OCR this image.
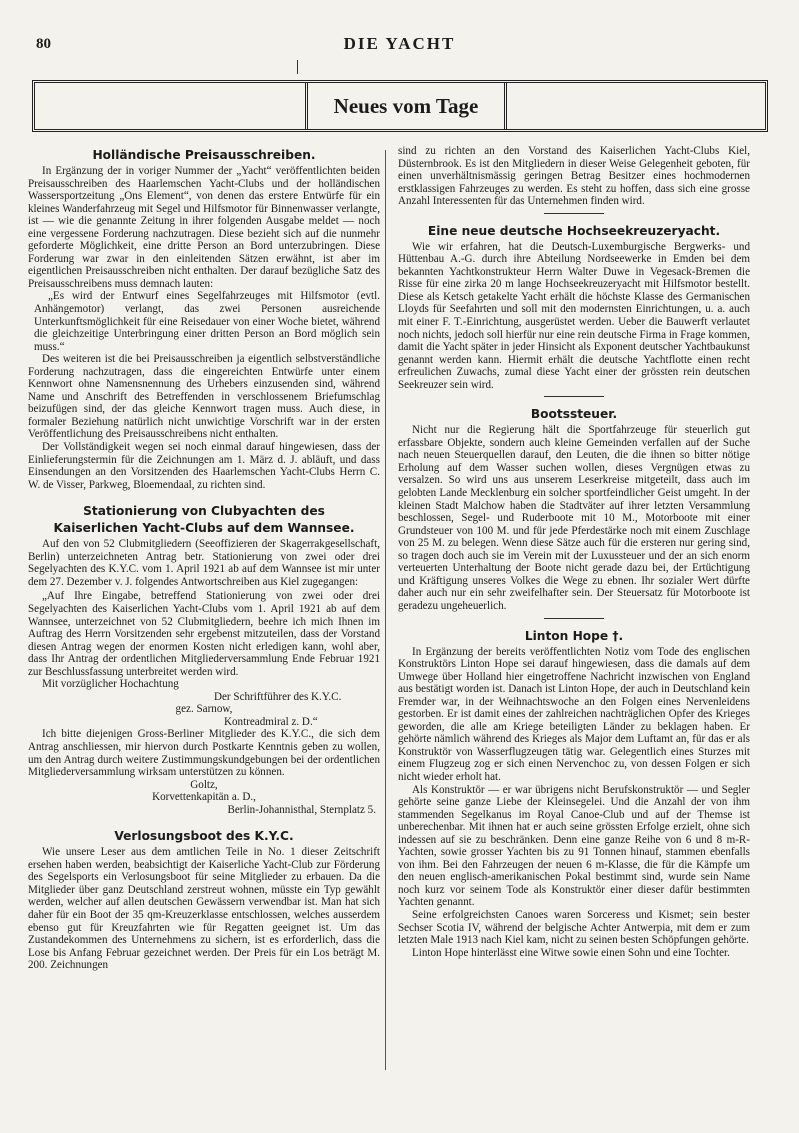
80	DIE YACHT
Neues vom Tage
Holländische Preisausschreiben.

In Ergänzung der in voriger Nummer der „Yacht“ veröffentlichten beiden Preisausschreiben des Haarlemschen Yacht-Clubs und der holländischen Wassersportzeitung „Ons Element“, von denen das erstere Entwürfe für ein kleines Wanderfahrzeug mit Segel und Hilfsmotor für Binnenwasser verlangte, ist — wie die genannte Zeitung in ihrer folgenden Ausgabe meldet — noch eine vergessene Forderung nachzutragen. Diese bezieht sich auf die nunmehr geforderte Möglichkeit, eine dritte Person an Bord unterzubringen. Diese Forderung war zwar in den einleitenden Sätzen erwähnt, ist aber im eigentlichen Preisausschreiben nicht enthalten. Der darauf bezügliche Satz des Preisausschreibens muss demnach lauten:

„Es wird der Entwurf eines Segelfahrzeuges mit Hilfsmotor (evtl. Anhängemotor) verlangt, das zwei Personen ausreichende Unterkunftsmöglichkeit für eine Reisedauer von einer Woche bietet, während die gleichzeitige Unterbringung einer dritten Person an Bord möglich sein muss.“

Des weiteren ist die bei Preisausschreiben ja eigentlich selbstverständliche Forderung nachzutragen, dass die eingereichten Entwürfe unter einem Kennwort ohne Namensnennung des Urhebers einzusenden sind, während Name und Anschrift des Betreffenden in verschlossenem Briefumschlag beizufügen sind, der das gleiche Kennwort tragen muss. Auch diese, in formaler Beziehung natürlich nicht unwichtige Vorschrift war in der ersten Veröffentlichung des Preisausschreibens nicht enthalten.

Der Vollständigkeit wegen sei noch einmal darauf hingewiesen, dass der Einlieferungstermin für die Zeichnungen am 1. März d. J. abläuft, und dass Einsendungen an den Vorsitzenden des Haarlemschen Yacht-Clubs Herrn C. W. de Visser, Parkweg, Bloemendaal, zu richten sind.

Stationierung von Clubyachten des
Kaiserlichen Yacht-Clubs auf dem Wannsee.

Auf den von 52 Clubmitgliedern (Seeoffizieren der Skagerrakgesellschaft, Berlin) unterzeichneten Antrag betr. Stationierung von zwei oder drei Segelyachten des K.Y.C. vom 1. April 1921 ab auf dem Wannsee ist mir unter dem 27. Dezember v. J. folgendes Antwortschreiben aus Kiel zugegangen:

„Auf Ihre Eingabe, betreffend Stationierung von zwei oder drei Segelyachten des Kaiserlichen Yacht-Clubs vom 1. April 1921 ab auf dem Wannsee, unterzeichnet von 52 Clubmitgliedern, beehre ich mich Ihnen im Auftrag des Herrn Vorsitzenden sehr ergebenst mitzuteilen, dass der Vorstand diesen Antrag wegen der enormen Kosten nicht erledigen kann, wohl aber, dass Ihr Antrag der ordentlichen Mitgliederversammlung Ende Februar 1921 zur Beschlussfassung unterbreitet werden wird.

Mit vorzüglicher Hochachtung

Der Schriftführer des K.Y.C.

gez. Sarnow,

Kontreadmiral z. D.“

Ich bitte diejenigen Gross-Berliner Mitglieder des K.Y.C., die sich dem Antrag anschliessen, mir hiervon durch Postkarte Kenntnis geben zu wollen, um den Antrag durch weitere Zustimmungskundgebungen bei der ordentlichen Mitgliederversammlung wirksam unterstützen zu können.

Goltz,

Korvettenkapitän a. D.,

Berlin-Johannisthal, Sternplatz 5.

Verlosungsboot des K.Y.C.

Wie unsere Leser aus dem amtlichen Teile in No. 1 dieser Zeitschrift ersehen haben werden, beabsichtigt der Kaiserliche Yacht-Club zur Förderung des Segelsports ein Verlosungsboot für seine Mitglieder zu erbauen. Da die Mitglieder über ganz Deutschland zerstreut wohnen, müsste ein Typ gewählt werden, welcher auf allen deutschen Gewässern verwendbar ist. Man hat sich daher für ein Boot der 35 qm-Kreuzerklasse entschlossen, welches ausserdem ebenso gut für Kreuzfahrten wie für Regatten geeignet ist. Um das Zustandekommen des Unternehmens zu sichern, ist es erforderlich, dass die Lose bis Anfang Februar gezeichnet werden. Der Preis für ein Los beträgt M. 200. Zeichnungen

sind zu richten an den Vorstand des Kaiserlichen Yacht-Clubs Kiel, Düsternbrook. Es ist den Mitgliedern in dieser Weise Gelegenheit geboten, für einen unverhältnismässig geringen Betrag Besitzer eines hochmodernen erstklassigen Fahrzeuges zu werden. Es steht zu hoffen, dass sich eine grosse Anzahl Interessenten für das Unternehmen finden wird.

Eine neue deutsche Hochseekreuzeryacht.

Wie wir erfahren, hat die Deutsch-Luxemburgische Bergwerks- und Hüttenbau A.-G. durch ihre Abteilung Nordseewerke in Emden bei dem bekannten Yachtkonstrukteur Herrn Walter Duwe in Vegesack-Bremen die Risse für eine zirka 20 m lange Hochseekreuzeryacht mit Hilfsmotor bestellt. Diese als Ketsch getakelte Yacht erhält die höchste Klasse des Germanischen Lloyds für Seefahrten und soll mit den modernsten Einrichtungen, u. a. auch mit einer F. T.-Einrichtung, ausgerüstet werden. Ueber die Bauwerft verlautet noch nichts, jedoch soll hierfür nur eine rein deutsche Firma in Frage kommen, damit die Yacht später in jeder Hinsicht als Exponent deutscher Yachtbaukunst genannt werden kann. Hiermit erhält die deutsche Yachtflotte einen recht erfreulichen Zuwachs, zumal diese Yacht einer der grössten rein deutschen Seekreuzer sein wird.

Bootssteuer.

Nicht nur die Regierung hält die Sportfahrzeuge für steuerlich gut erfassbare Objekte, sondern auch kleine Gemeinden verfallen auf der Suche nach neuen Steuerquellen darauf, den Leuten, die die ihnen so bitter nötige Erholung auf dem Wasser suchen wollen, dieses Vergnügen etwas zu versalzen. So wird uns aus unserem Leserkreise mitgeteilt, dass auch im gelobten Lande Mecklenburg ein solcher sportfeindlicher Geist umgeht. In der kleinen Stadt Malchow haben die Stadtväter auf ihrer letzten Versammlung beschlossen, Segel- und Ruderboote mit 10 M., Motorboote mit einer Grundsteuer von 100 M. und für jede Pferdestärke noch mit einem Zuschlage von 25 M. zu belegen. Wenn diese Sätze auch für die ersteren nur gering sind, so tragen doch auch sie im Verein mit der Luxussteuer und der an sich enorm verteuerten Unterhaltung der Boote nicht gerade dazu bei, der Ertüchtigung und Kräftigung unseres Volkes die Wege zu ebnen. Ihr sozialer Wert dürfte daher auch nur ein sehr zweifelhafter sein. Der Steuersatz für Motorboote ist geradezu ungeheuerlich.

Linton Hope †.

In Ergänzung der bereits veröffentlichten Notiz vom Tode des englischen Konstruktörs Linton Hope sei darauf hingewiesen, dass die damals auf dem Umwege über Holland hier eingetroffene Nachricht inzwischen von England aus bestätigt worden ist. Danach ist Linton Hope, der auch in Deutschland kein Fremder war, in der Weihnachtswoche an den Folgen eines Nervenleidens gestorben. Er ist damit eines der zahlreichen nachträglichen Opfer des Krieges geworden, die alle am Kriege beteiligten Länder zu beklagen haben. Er gehörte nämlich während des Krieges als Major dem Luftamt an, für das er als Konstruktör von Wasserflugzeugen tätig war. Gelegentlich eines Sturzes mit einem Flugzeug zog er sich einen Nervenchoc zu, von dessen Folgen er sich nicht wieder erholt hat.

Als Konstruktör — er war übrigens nicht Berufskonstruktör — und Segler gehörte seine ganze Liebe der Kleinsegelei. Und die Anzahl der von ihm stammenden Segelkanus im Royal Canoe-Club und auf der Themse ist unberechenbar. Mit ihnen hat er auch seine grössten Erfolge erzielt, ohne sich indessen auf sie zu beschränken. Denn eine ganze Reihe von 6 und 8 m-R-Yachten, sowie grosser Yachten bis zu 91 Tonnen hinauf, stammen ebenfalls von ihm. Bei den Fahrzeugen der neuen 6 m-Klasse, die für die Kämpfe um den neuen englisch-amerikanischen Pokal bestimmt sind, wurde sein Name noch kurz vor seinem Tode als Konstruktör einer dieser dafür bestimmten Yachten genannt.

Seine erfolgreichsten Canoes waren Sorceress und Kismet; sein bester Sechser Scotia IV, während der belgische Achter Antwerpia, mit dem er zum letzten Male 1913 nach Kiel kam, nicht zu seinen besten Schöpfungen gehörte.

Linton Hope hinterlässt eine Witwe sowie einen Sohn und eine Tochter.
